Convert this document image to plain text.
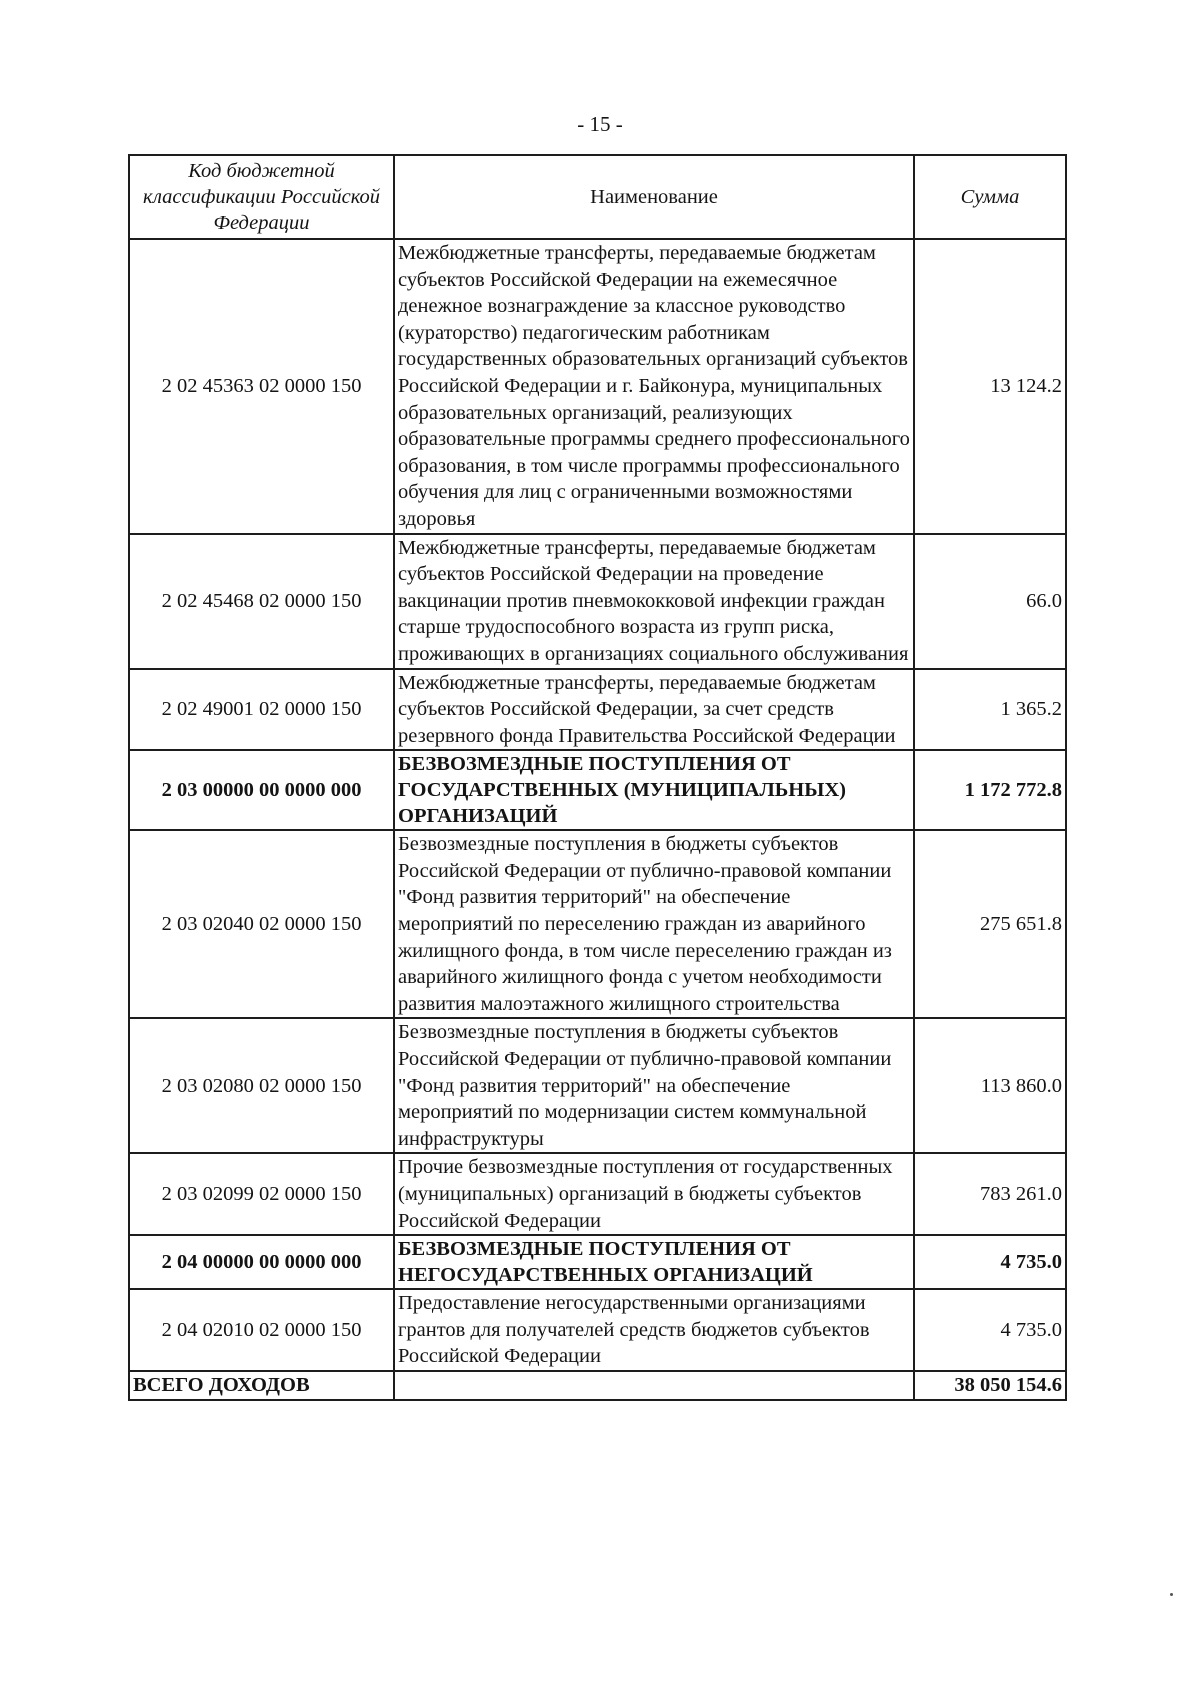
- 15 -
Код бюджетной классификации Российской Федерации	Наименование	Сумма
2 02 45363 02 0000 150	Межбюджетные трансферты, передаваемые бюджетам субъектов Российской Федерации на ежемесячное денежное вознаграждение за классное руководство (кураторство) педагогическим работникам государственных образовательных организаций субъектов Российской Федерации и г. Байконура, муниципальных образовательных организаций, реализующих образовательные программы среднего профессионального образования, в том числе программы профессионального обучения для лиц с ограниченными возможностями здоровья	13 124.2
2 02 45468 02 0000 150	Межбюджетные трансферты, передаваемые бюджетам субъектов Российской Федерации на проведение вакцинации против пневмококковой инфекции граждан старше трудоспособного возраста из групп риска, проживающих в организациях социального обслуживания	66.0
2 02 49001 02 0000 150	Межбюджетные трансферты, передаваемые бюджетам субъектов Российской Федерации, за счет средств резервного фонда Правительства Российской Федерации	1 365.2
2 03 00000 00 0000 000	БЕЗВОЗМЕЗДНЫЕ ПОСТУПЛЕНИЯ ОТ ГОСУДАРСТВЕННЫХ (МУНИЦИПАЛЬНЫХ) ОРГАНИЗАЦИЙ	1 172 772.8
2 03 02040 02 0000 150	Безвозмездные поступления в бюджеты субъектов Российской Федерации от публично-правовой компании "Фонд развития территорий" на обеспечение мероприятий по переселению граждан из аварийного жилищного фонда, в том числе переселению граждан из аварийного жилищного фонда с учетом необходимости развития малоэтажного жилищного строительства	275 651.8
2 03 02080 02 0000 150	Безвозмездные поступления в бюджеты субъектов Российской Федерации от публично-правовой компании "Фонд развития территорий" на обеспечение мероприятий по модернизации систем коммунальной инфраструктуры	113 860.0
2 03 02099 02 0000 150	Прочие безвозмездные поступления от государственных (муниципальных) организаций в бюджеты субъектов Российской Федерации	783 261.0
2 04 00000 00 0000 000	БЕЗВОЗМЕЗДНЫЕ ПОСТУПЛЕНИЯ ОТ НЕГОСУДАРСТВЕННЫХ ОРГАНИЗАЦИЙ	4 735.0
2 04 02010 02 0000 150	Предоставление негосударственными организациями грантов для получателей средств бюджетов субъектов Российской Федерации	4 735.0
ВСЕГО ДОХОДОВ		38 050 154.6
